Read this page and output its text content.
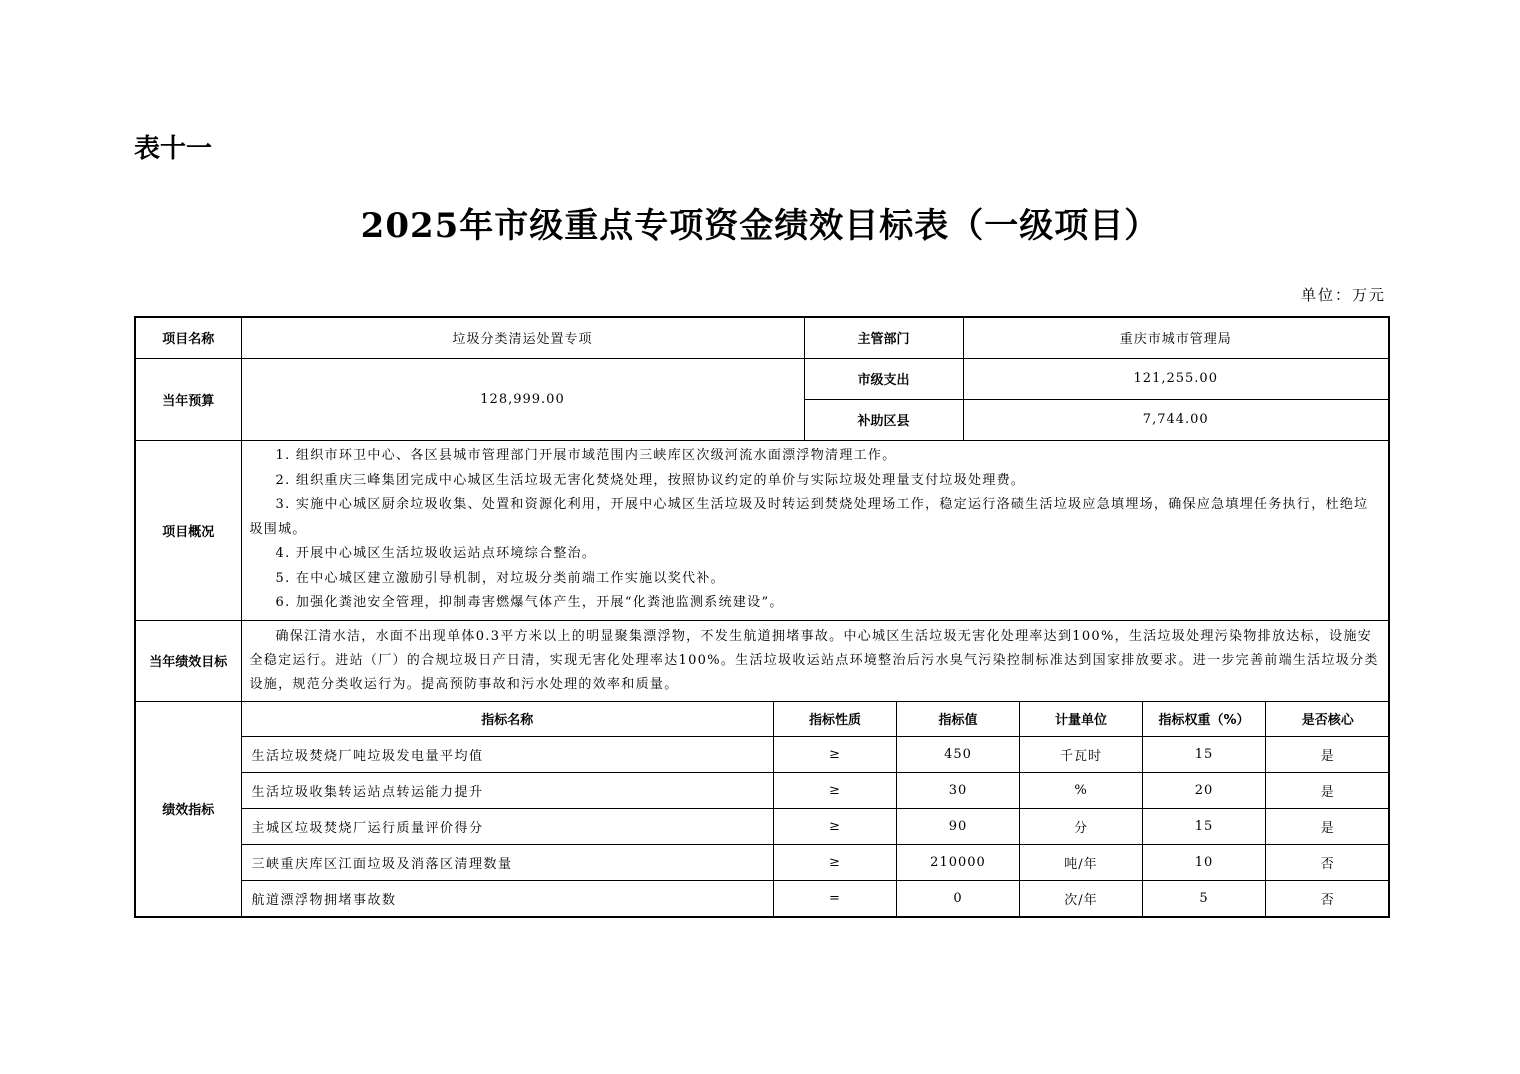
表十一
2025年市级重点专项资金绩效目标表（一级项目）
单位：万元
项目名称	垃圾分类清运处置专项	主管部门	重庆市城市管理局
当年预算	128,999.00	市级支出	121,255.00
补助区县	7,744.00
项目概况	

1. 组织市环卫中心、各区县城市管理部门开展市域范围内三峡库区次级河流水面漂浮物清理工作。

2. 组织重庆三峰集团完成中心城区生活垃圾无害化焚烧处理，按照协议约定的单价与实际垃圾处理量支付垃圾处理费。

3. 实施中心城区厨余垃圾收集、处置和资源化利用，开展中心城区生活垃圾及时转运到焚烧处理场工作，稳定运行洛碛生活垃圾应急填埋场，确保应急填埋任务执行，杜绝垃圾围城。

4. 开展中心城区生活垃圾收运站点环境综合整治。

5. 在中心城区建立激励引导机制，对垃圾分类前端工作实施以奖代补。

6. 加强化粪池安全管理，抑制毒害燃爆气体产生，开展“化粪池监测系统建设”。

当年绩效目标	确保江清水洁，水面不出现单体0.3平方米以上的明显聚集漂浮物，不发生航道拥堵事故。中心城区生活垃圾无害化处理率达到100%，生活垃圾处理污染物排放达标，设施安全稳定运行。进站（厂）的合规垃圾日产日清，实现无害化处理率达100%。生活垃圾收运站点环境整治后污水臭气污染控制标准达到国家排放要求。进一步完善前端生活垃圾分类设施，规范分类收运行为。提高预防事故和污水处理的效率和质量。
绩效指标	
指标名称	指标性质	指标值	计量单位	指标权重（%）	是否核心
生活垃圾焚烧厂吨垃圾发电量平均值	≥	450	千瓦时	15	是
生活垃圾收集转运站点转运能力提升	≥	30	%	20	是
主城区垃圾焚烧厂运行质量评价得分	≥	90	分	15	是
三峡重庆库区江面垃圾及消落区清理数量	≥	210000	吨/年	10	否
航道漂浮物拥堵事故数	=	0	次/年	5	否
